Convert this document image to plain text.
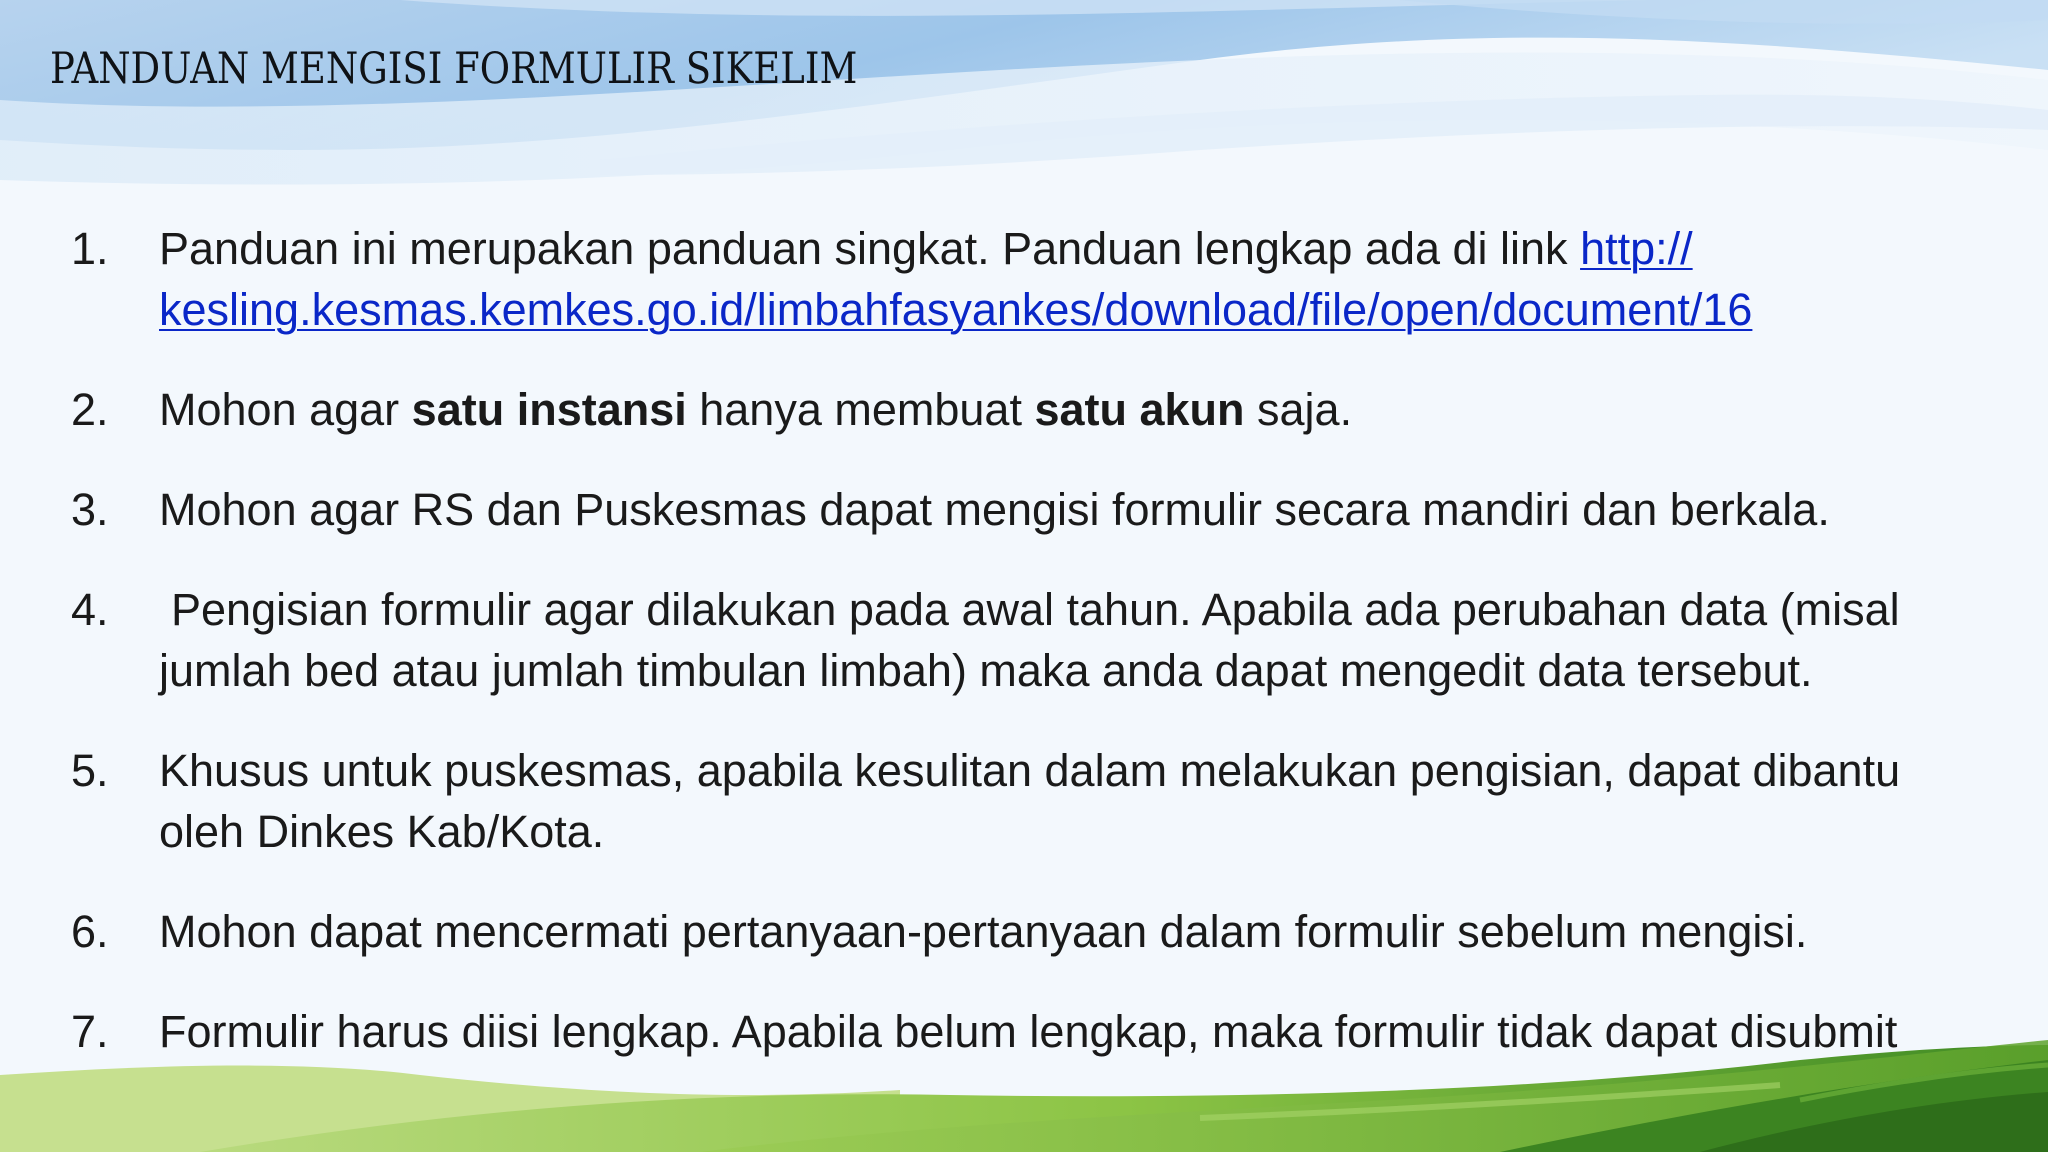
PANDUAN MENGISI FORMULIR SIKELIM
1. Panduan ini merupakan panduan singkat. Panduan lengkap ada di link http://
kesling.kesmas.kemkes.go.id/limbahfasyankes/download/file/open/document/16
2. Mohon agar satu instansi hanya membuat satu akun saja.
3. Mohon agar RS dan Puskesmas dapat mengisi formulir secara mandiri dan berkala.
4. Pengisian formulir agar dilakukan pada awal tahun. Apabila ada perubahan data (misal
jumlah bed atau jumlah timbulan limbah) maka anda dapat mengedit data tersebut.
5. Khusus untuk puskesmas, apabila kesulitan dalam melakukan pengisian, dapat dibantu
oleh Dinkes Kab/Kota.
6. Mohon dapat mencermati pertanyaan-pertanyaan dalam formulir sebelum mengisi.
7. Formulir harus diisi lengkap. Apabila belum lengkap, maka formulir tidak dapat disubmit
